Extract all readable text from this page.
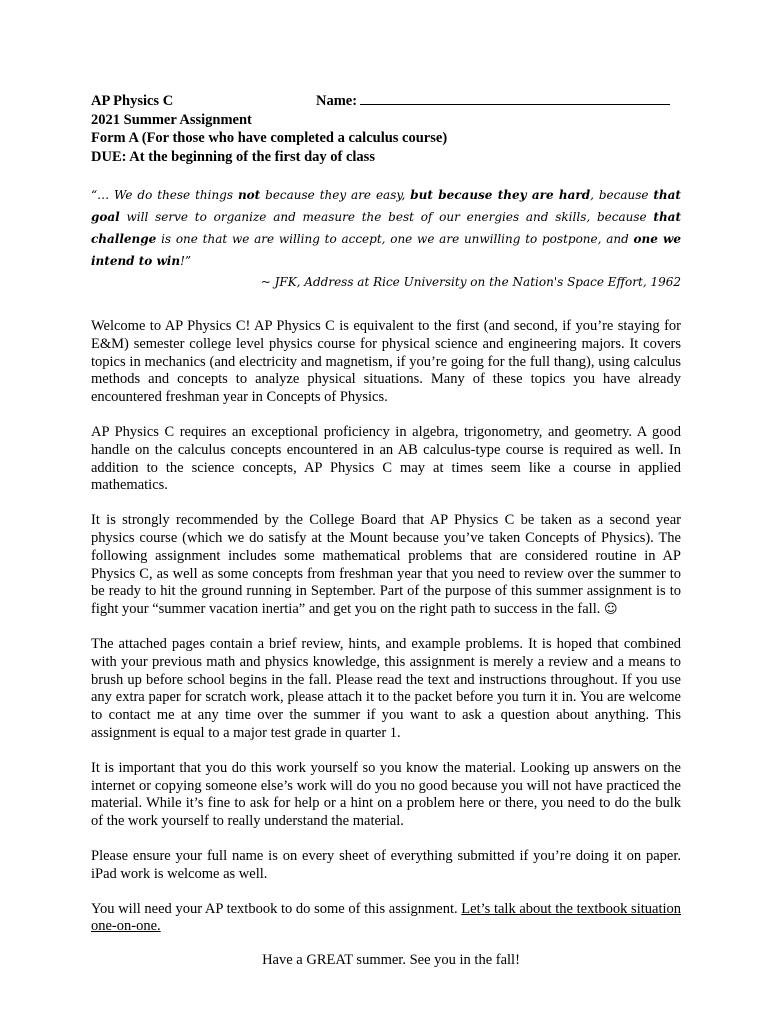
AP Physics C	Name:
2021 Summer Assignment
Form A (For those who have completed a calculus course)
DUE: At the beginning of the first day of class
“… We do these things not because they are easy, but because they are hard, because that goal will serve to organize and measure the best of our energies and skills, because that challenge is one that we are willing to accept, one we are unwilling to postpone, and one we intend to win!”
~ JFK, Address at Rice University on the Nation's Space Effort, 1962

Welcome to AP Physics C! AP Physics C is equivalent to the first (and second, if you’re staying for E&M) semester college level physics course for physical science and engineering majors. It covers topics in mechanics (and electricity and magnetism, if you’re going for the full thang), using calculus methods and concepts to analyze physical situations. Many of these topics you have already encountered freshman year in Concepts of Physics.

AP Physics C requires an exceptional proficiency in algebra, trigonometry, and geometry. A good handle on the calculus concepts encountered in an AB calculus-type course is required as well. In addition to the science concepts, AP Physics C may at times seem like a course in applied mathematics.

It is strongly recommended by the College Board that AP Physics C be taken as a second year physics course (which we do satisfy at the Mount because you’ve taken Concepts of Physics). The following assignment includes some mathematical problems that are considered routine in AP Physics C, as well as some concepts from freshman year that you need to review over the summer to be ready to hit the ground running in September. Part of the purpose of this summer assignment is to fight your “summer vacation inertia” and get you on the right path to success in the fall. ☺

The attached pages contain a brief review, hints, and example problems. It is hoped that combined with your previous math and physics knowledge, this assignment is merely a review and a means to brush up before school begins in the fall. Please read the text and instructions throughout. If you use any extra paper for scratch work, please attach it to the packet before you turn it in. You are welcome to contact me at any time over the summer if you want to ask a question about anything. This assignment is equal to a major test grade in quarter 1.

It is important that you do this work yourself so you know the material. Looking up answers on the internet or copying someone else’s work will do you no good because you will not have practiced the material. While it’s fine to ask for help or a hint on a problem here or there, you need to do the bulk of the work yourself to really understand the material.

Please ensure your full name is on every sheet of everything submitted if you’re doing it on paper. iPad work is welcome as well.

You will need your AP textbook to do some of this assignment. Let’s talk about the textbook situation one-on-one.

Have a GREAT summer. See you in the fall!
